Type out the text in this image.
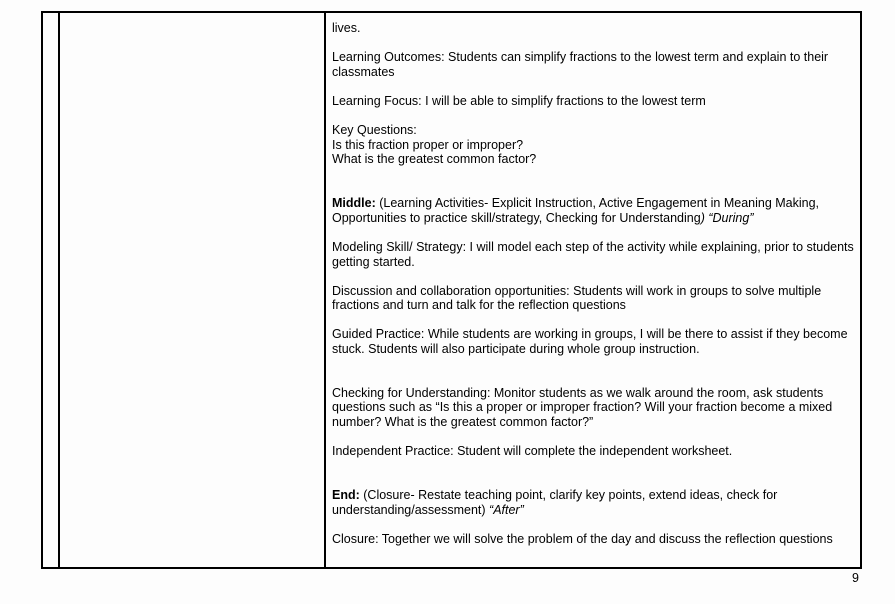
lives.

Learning Outcomes: Students can simplify fractions to the lowest term and explain to their classmates

Learning Focus: I will be able to simplify fractions to the lowest term

Key Questions:

Is this fraction proper or improper?

What is the greatest common factor?

Middle: (Learning Activities- Explicit Instruction, Active Engagement in Meaning Making, Opportunities to practice skill/strategy, Checking for Understanding) “During”

Modeling Skill/ Strategy: I will model each step of the activity while explaining, prior to students getting started.

Discussion and collaboration opportunities: Students will work in groups to solve multiple fractions and turn and talk for the reflection questions

Guided Practice: While students are working in groups, I will be there to assist if they become stuck. Students will also participate during whole group instruction.

Checking for Understanding: Monitor students as we walk around the room, ask students questions such as “Is this a proper or improper fraction? Will your fraction become a mixed number? What is the greatest common factor?”

Independent Practice: Student will complete the independent worksheet.

End: (Closure- Restate teaching point, clarify key points, extend ideas, check for understanding/assessment) “After”

Closure: Together we will solve the problem of the day and discuss the reflection questions

9
